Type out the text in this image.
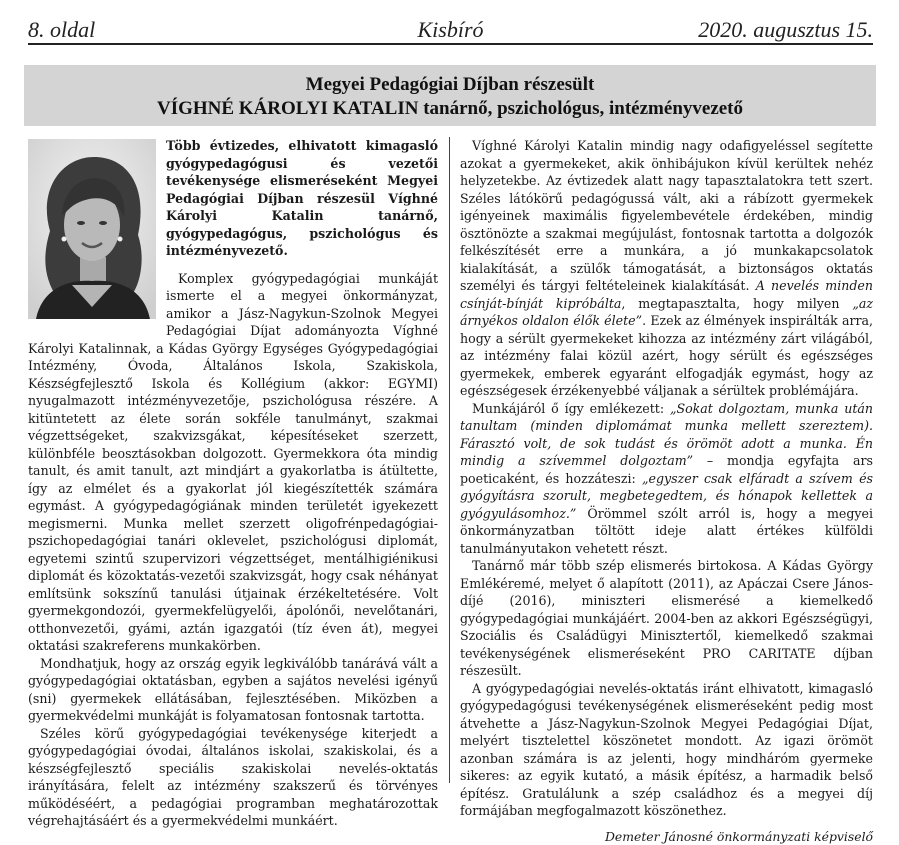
8. oldal	Kisbíró	2020. augusztus 15.
Megyei Pedagógiai Díjban részesült
VÍGHNÉ KÁROLYI KATALIN tanárnő, pszichológus, intézményvezető

Több évtizedes, elhivatott kimagasló gyógypedagógusi és vezetői tevékenysége elismeréseként Megyei Pedagógiai Díjban részesül Víghné Károlyi Katalin tanárnő, gyógypedagógus, pszichológus és intézményvezető.

Komplex gyógypedagógiai munkáját ismerte el a megyei önkormányzat, amikor a Jász-Nagykun-Szolnok Megyei Pedagógiai Díjat adományozta Víghné Károlyi Katalinnak, a Kádas György Egységes Gyógypedagógiai Intézmény, Óvoda, Általános Iskola, Szakiskola, Készségfejlesztő Iskola és Kollégium (akkor: EGYMI) nyugalmazott intézményvezetője, pszichológusa részére. A kitüntetett az élete során sokféle tanulmányt, szakmai végzettségeket, szakvizsgákat, képesítéseket szerzett, különbféle beosztásokban dolgozott. Gyermekkora óta mindig tanult, és amit tanult, azt mindjárt a gyakorlatba is átültette, így az elmélet és a gyakorlat jól kiegészítették számára egymást. A gyógypedagógiának minden területét igyekezett megismerni. Munka mellet szerzett oligofrénpedagógiai-pszichopedagógiai tanári oklevelet, pszichológusi diplomát, egyetemi szintű szupervizori végzettséget, mentálhigiénikusi diplomát és közoktatás-vezetői szakvizsgát, hogy csak néhányat említsünk sokszínű tanulási útjainak érzékeltetésére. Volt gyermekgondozói, gyermekfelügyelői, ápolónői, nevelőtanári, otthonvezetői, gyámi, aztán igazgatói (tíz éven át), megyei oktatási szakreferens munkakörben.

Mondhatjuk, hogy az ország egyik legkiválóbb tanárává vált a gyógypedagógiai oktatásban, egyben a sajátos nevelési igényű (sni) gyermekek ellátásában, fejlesztésében. Miközben a gyermekvédelmi munkáját is folyamatosan fontosnak tartotta.

Széles körű gyógypedagógiai tevékenysége kiterjedt a gyógypedagógiai óvodai, általános iskolai, szakiskolai, és a készségfejlesztő speciális szakiskolai nevelés-oktatás irányítására, felelt az intézmény szakszerű és törvényes működéséért, a pedagógiai programban meghatározottak végrehajtásáért és a gyermekvédelmi munkáért.

Víghné Károlyi Katalin mindig nagy odafigyeléssel segítette azokat a gyermekeket, akik önhibájukon kívül kerültek nehéz helyzetekbe. Az évtizedek alatt nagy tapasztalatokra tett szert. Széles látókörű pedagógussá vált, aki a rábízott gyermekek igényeinek maximális figyelembevétele érdekében, mindig ösztönözte a szakmai megújulást, fontosnak tartotta a dolgozók felkészítését erre a munkára, a jó munkakapcsolatok kialakítását, a szülők támogatását, a biztonságos oktatás személyi és tárgyi feltételeinek kialakítását. A nevelés minden csínját-bínját kipróbálta, megtapasztalta, hogy milyen „az árnyékos oldalon élők élete”. Ezek az élmények inspirálták arra, hogy a sérült gyermekeket kihozza az intézmény zárt világából, az intézmény falai közül azért, hogy sérült és egészséges gyermekek, emberek egyaránt elfogadják egymást, hogy az egészségesek érzékenyebbé váljanak a sérültek problémájára.

Munkájáról ő így emlékezett: „Sokat dolgoztam, munka után tanultam (minden diplomámat munka mellett szereztem). Fárasztó volt, de sok tudást és örömöt adott a munka. Én mindig a szívemmel dolgoztam” – mondja egyfajta ars poeticaként, és hozzáteszi: „egyszer csak elfáradt a szívem és gyógyításra szorult, megbetegedtem, és hónapok kellettek a gyógyulásomhoz.” Örömmel szólt arról is, hogy a megyei önkormányzatban töltött ideje alatt értékes külföldi tanulmányutakon vehetett részt.

Tanárnő már több szép elismerés birtokosa. A Kádas György Emlékéremé, melyet ő alapított (2011), az Apáczai Csere János-díjé (2016), miniszteri elismerésé a kiemelkedő gyógypedagógiai munkájáért. 2004-ben az akkori Egészségügyi, Szociális és Családügyi Minisztertől, kiemelkedő szakmai tevékenységének elismeréseként PRO CARITATE díjban részesült.

A gyógypedagógiai nevelés-oktatás iránt elhivatott, kimagasló gyógypedagógusi tevékenységének elismeréseként pedig most átvehette a Jász-Nagykun-Szolnok Megyei Pedagógiai Díjat, melyért tisztelettel köszönetet mondott. Az igazi örömöt azonban számára is az jelenti, hogy mindháróm gyermeke sikeres: az egyik kutató, a másik építész, a harmadik belső építész. Gratulálunk a szép családhoz és a megyei díj formájában megfogalmazott köszönethez.

Demeter Jánosné önkormányzati képviselő
